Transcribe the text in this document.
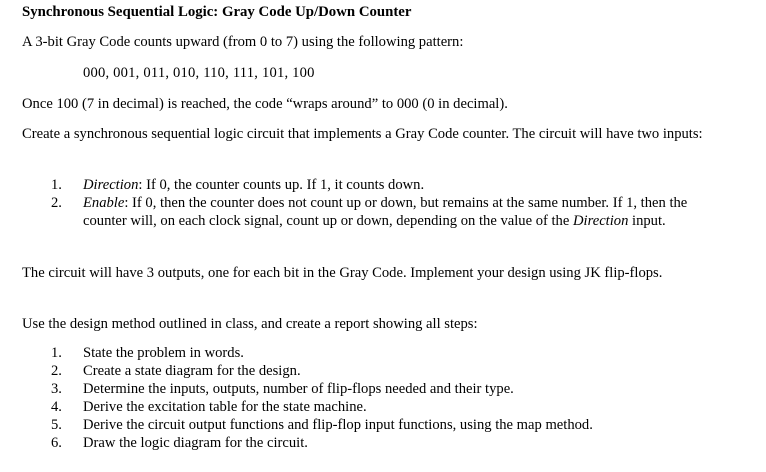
Synchronous Sequential Logic: Gray Code Up/Down Counter
A 3-bit Gray Code counts upward (from 0 to 7) using the following pattern:
000, 001, 011, 010, 110, 111, 101, 100
Once 100 (7 in decimal) is reached, the code “wraps around” to 000 (0 in decimal).
Create a synchronous sequential logic circuit that implements a Gray Code counter. The circuit will have two inputs:
1. Direction: If 0, the counter counts up. If 1, it counts down.
2. Enable: If 0, then the counter does not count up or down, but remains at the same number. If 1, then the counter will, on each clock signal, count up or down, depending on the value of the Direction input.
The circuit will have 3 outputs, one for each bit in the Gray Code. Implement your design using JK flip-flops.
Use the design method outlined in class, and create a report showing all steps:
1. State the problem in words.
2. Create a state diagram for the design.
3. Determine the inputs, outputs, number of flip-flops needed and their type.
4. Derive the excitation table for the state machine.
5. Derive the circuit output functions and flip-flop input functions, using the map method.
6. Draw the logic diagram for the circuit.
